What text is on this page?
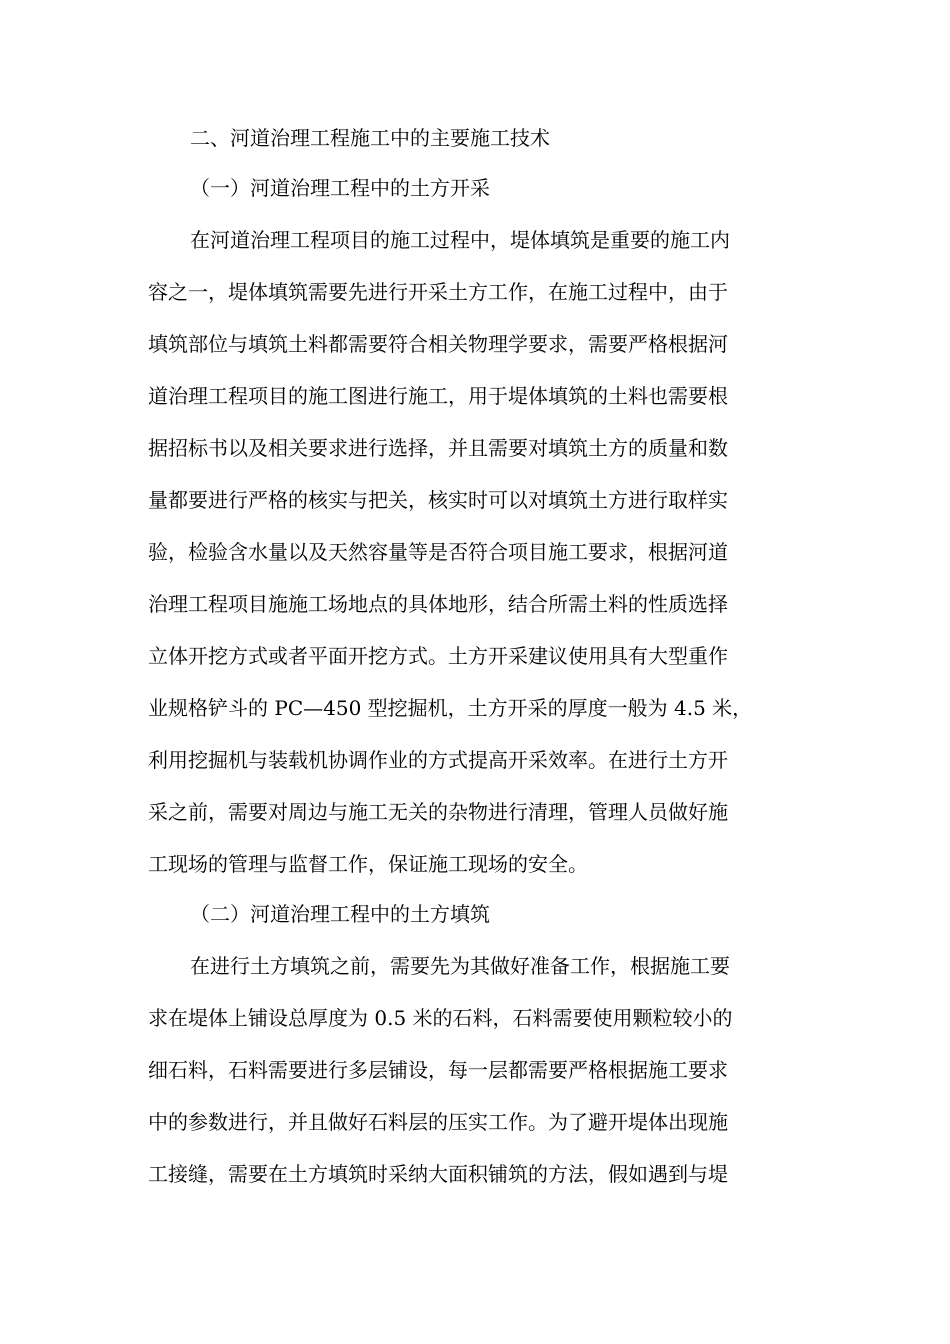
二、河道治理工程施工中的主要施工技术
（一）河道治理工程中的土方开采
在河道治理工程项目的施工过程中，堤体填筑是重要的施工内
容之一，堤体填筑需要先进行开采土方工作，在施工过程中，由于
填筑部位与填筑土料都需要符合相关物理学要求，需要严格根据河
道治理工程项目的施工图进行施工，用于堤体填筑的土料也需要根
据招标书以及相关要求进行选择，并且需要对填筑土方的质量和数
量都要进行严格的核实与把关，核实时可以对填筑土方进行取样实
验，检验含水量以及天然容量等是否符合项目施工要求，根据河道
治理工程项目施施工场地点的具体地形，结合所需土料的性质选择
立体开挖方式或者平面开挖方式。土方开采建议使用具有大型重作
业规格铲斗的 PC—450 型挖掘机，土方开采的厚度一般为 4.5 米，
利用挖掘机与装载机协调作业的方式提高开采效率。在进行土方开
采之前，需要对周边与施工无关的杂物进行清理，管理人员做好施
工现场的管理与监督工作，保证施工现场的安全。
（二）河道治理工程中的土方填筑
在进行土方填筑之前，需要先为其做好准备工作，根据施工要
求在堤体上铺设总厚度为 0.5 米的石料，石料需要使用颗粒较小的
细石料，石料需要进行多层铺设，每一层都需要严格根据施工要求
中的参数进行，并且做好石料层的压实工作。为了避开堤体出现施
工接缝，需要在土方填筑时采纳大面积铺筑的方法，假如遇到与堤
